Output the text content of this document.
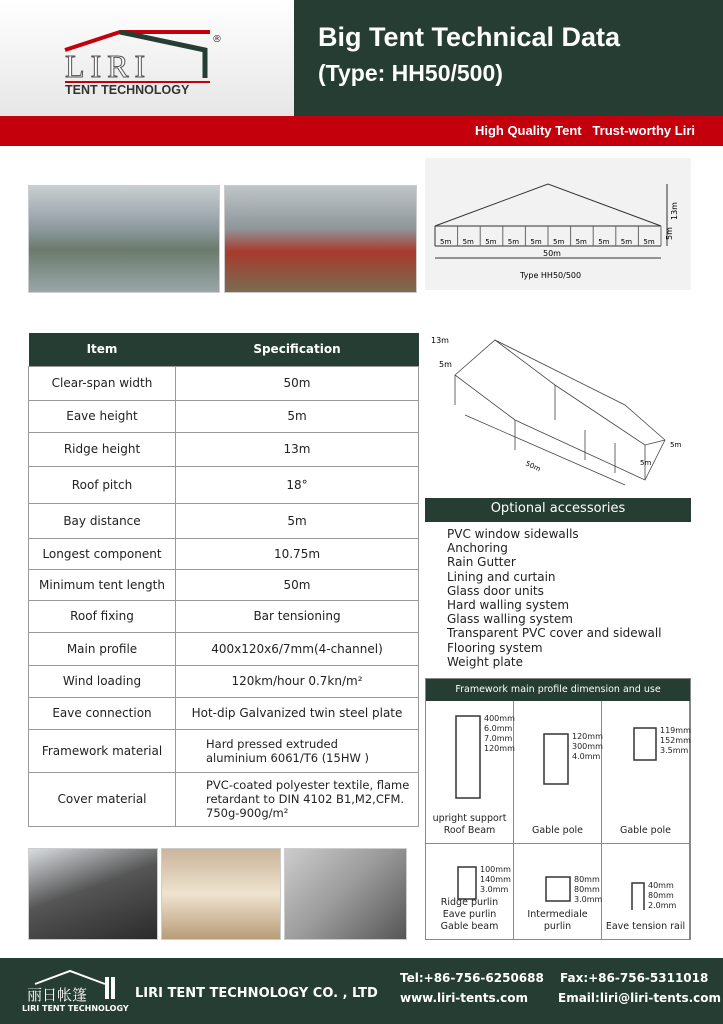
LIRI
®
TENT TECHNOLOGY
Big Tent Technical Data
(Type: HH50/500)
High Quality Tent   Trust-worthy Liri
5m 5m 5m 5m 5m 5m 5m 5m 5m 5m
50m
13m
5m
Type HH50/500
13m
5m
50m	5m
5m
Item	Specification
Clear-span width	50m
Eave height	5m
Ridge height	13m
Roof pitch	18°
Bay distance	5m
Longest component	10.75m
Minimum tent length	50m
Roof fixing	Bar tensioning
Main profile	400x120x6/7mm(4-channel)
Wind loading	120km/hour 0.7kn/m²
Eave connection	Hot-dip Galvanized twin steel plate
Framework material	Hard pressed extruded
aluminium 6061/T6 (15HW )
Cover material	PVC-coated polyester textile, flame
retardant to DIN 4102 B1,M2,CFM.
750g-900g/m²
Optional accessories
PVC window sidewalls
Anchoring
Rain Gutter
Lining and curtain
Glass door units
Hard walling system
Glass walling system
Transparent PVC cover and sidewall
Flooring system
Weight plate
Framework main profile dimension and use
400mm
6.0mm
7.0mm
120mm
upright support
Roof Beam
120mm
300mm
4.0mm
Gable pole
119mm
152mm
3.5mm
Gable pole
100mm
140mm
3.0mm
Ridge purlin
Eave purlin
Gable beam
80mm
80mm
3.0mm
Intermediale
purlin
40mm
80mm
2.0mm
Eave tension rail
丽日帐篷
LIRI TENT TECHNOLOGY
LIRI TENT TECHNOLOGY CO. , LTD
Tel:+86-756-6250688 Fax:+86-756-5311018
www.liri-tents.com Email:liri@liri-tents.com
